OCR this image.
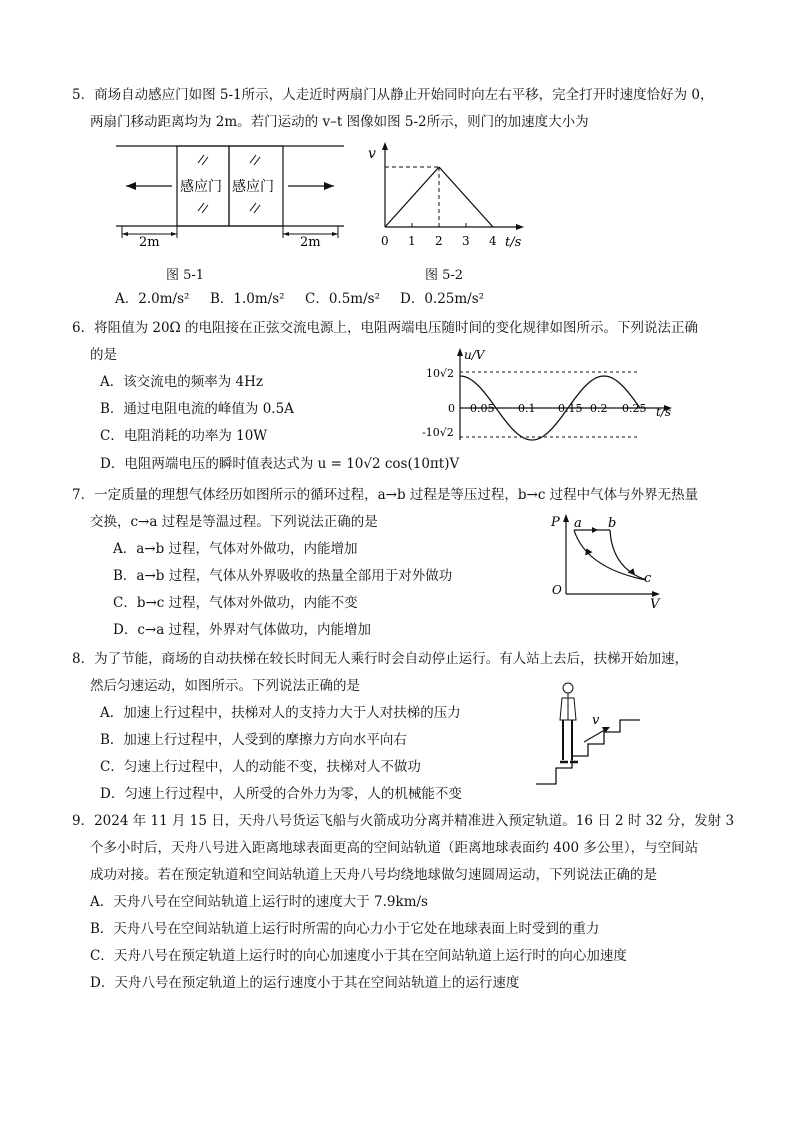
5．商场自动感应门如图 5-1所示，人走近时两扇门从静止开始同时向左右平移，完全打开时速度恰好为 0，
两扇门移动距离均为 2m。若门运动的 v–t 图像如图 5-2所示，则门的加速度大小为
感应门 感应门
2m	2m
图 5-1
v
0 1 2 3 4 t/s
图 5-2
A．2.0m/s² B．1.0m/s² C．0.5m/s² D．0.25m/s²
6．将阻值为 20Ω 的电阻接在正弦交流电源上，电阻两端电压随时间的变化规律如图所示。下列说法正确
的是
A．该交流电的频率为 4Hz
B．通过电阻电流的峰值为 0.5A
C．电阻消耗的功率为 10W
D．电阻两端电压的瞬时值表达式为 u = 10√2 cos(10πt)V
u/V
t/s
10√2
-10√2
0 0.05 0.1 0.15 0.2 0.25
7．一定质量的理想气体经历如图所示的循环过程，a→b 过程是等压过程，b→c 过程中气体与外界无热量
交换，c→a 过程是等温过程。下列说法正确的是
A．a→b 过程，气体对外做功，内能增加
B．a→b 过程，气体从外界吸收的热量全部用于对外做功
C．b→c 过程，气体对外做功，内能不变
D．c→a 过程，外界对气体做功，内能增加
P
V
O
a b
c
8．为了节能，商场的自动扶梯在较长时间无人乘行时会自动停止运行。有人站上去后，扶梯开始加速，
然后匀速运动，如图所示。下列说法正确的是
A．加速上行过程中，扶梯对人的支持力大于人对扶梯的压力
B．加速上行过程中，人受到的摩擦力方向水平向右
C．匀速上行过程中，人的动能不变，扶梯对人不做功
D．匀速上行过程中，人所受的合外力为零，人的机械能不变
v
9．2024 年 11 月 15 日，天舟八号货运飞船与火箭成功分离并精准进入预定轨道。16 日 2 时 32 分，发射 3
个多小时后，天舟八号进入距离地球表面更高的空间站轨道（距离地球表面约 400 多公里），与空间站
成功对接。若在预定轨道和空间站轨道上天舟八号均绕地球做匀速圆周运动，下列说法正确的是
A．天舟八号在空间站轨道上运行时的速度大于 7.9km/s
B．天舟八号在空间站轨道上运行时所需的向心力小于它处在地球表面上时受到的重力
C．天舟八号在预定轨道上运行时的向心加速度小于其在空间站轨道上运行时的向心加速度
D．天舟八号在预定轨道上的运行速度小于其在空间站轨道上的运行速度
